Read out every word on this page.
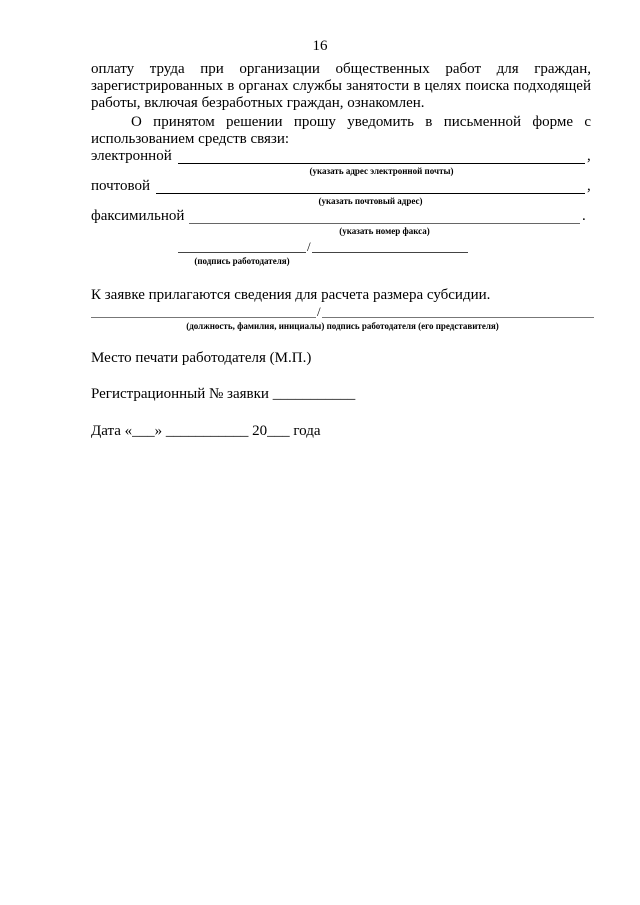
16
оплату труда при организации общественных работ для граждан,
зарегистрированных в органах службы занятости в целях поиска подходящей
работы, включая безработных граждан, ознакомлен.
О принятом решении прошу уведомить в письменной форме с
использованием средств связи:
электронной	,
(указать адрес электронной почты)
почтовой	,
(указать почтовый адрес)
факсимильной	.
(указать номер факса)
/
(подпись работодателя)
К заявке прилагаются сведения для расчета размера субсидии.
/
(должность, фамилия, инициалы) подпись работодателя (его представителя)
Место печати работодателя (М.П.)
Регистрационный № заявки ___________
Дата «___» ___________ 20___ года
